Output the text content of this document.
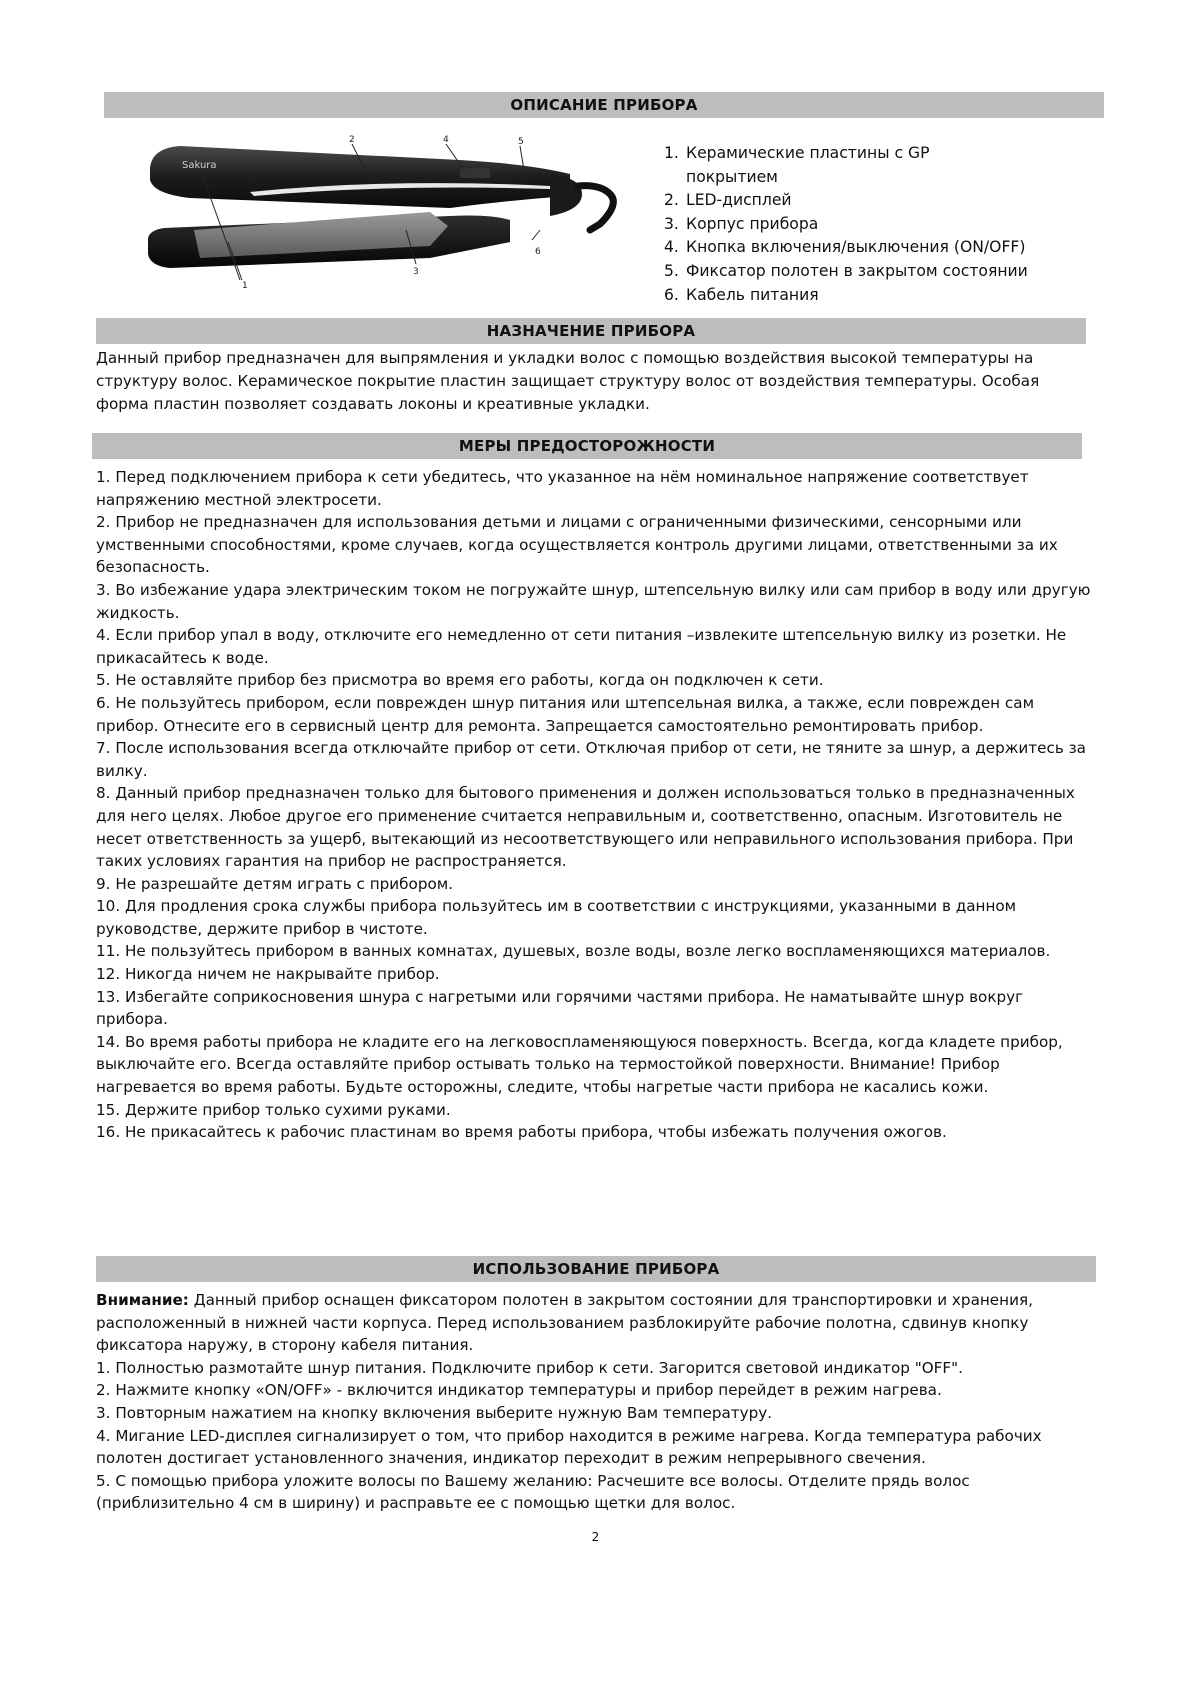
ОПИСАНИЕ ПРИБОРА
Sakura
1
2
3
4	5
6
1. Керамические пластины с GP
покрытием
2. LED-дисплей
3. Корпус прибора
4. Кнопка включения/выключения (ON/OFF)
5. Фиксатор полотен в закрытом состоянии
6. Кабель питания
НАЗНАЧЕНИЕ ПРИБОРА
Данный прибор предназначен для выпрямления и укладки волос с помощью воздействия высокой температуры на структуру волос. Керамическое покрытие пластин защищает структуру волос от воздействия температуры. Особая форма пластин позволяет создавать локоны и креативные укладки.
МЕРЫ ПРЕДОСТОРОЖНОСТИ

1. Перед подключением прибора к сети убедитесь, что указанное на нём номинальное напряжение соответствует напряжению местной электросети.

2. Прибор не предназначен для использования детьми и лицами с ограниченными физическими, сенсорными или умственными способностями, кроме случаев, когда осуществляется контроль другими лицами, ответственными за их безопасность.

3. Во избежание удара электрическим током не погружайте шнур, штепсельную вилку или сам прибор в воду или другую жидкость.

4. Если прибор упал в воду, отключите его немедленно от сети питания –извлеките штепсельную вилку из розетки. Не прикасайтесь к воде.

5. Не оставляйте прибор без присмотра во время его работы, когда он подключен к сети.

6. Не пользуйтесь прибором, если поврежден шнур питания или штепсельная вилка, а также, если поврежден сам прибор. Отнесите его в сервисный центр для ремонта. Запрещается самостоятельно ремонтировать прибор.

7. После использования всегда отключайте прибор от сети. Отключая прибор от сети, не тяните за шнур, а держитесь за вилку.

8. Данный прибор предназначен только для бытового применения и должен использоваться только в предназначенных для него целях. Любое другое его применение считается неправильным и, соответственно, опасным. Изготовитель не несет ответственность за ущерб, вытекающий из несоответствующего или неправильного использования прибора. При таких условиях гарантия на прибор не распространяется.

9. Не разрешайте детям играть с прибором.

10. Для продления срока службы прибора пользуйтесь им в соответствии с инструкциями, указанными в данном руководстве, держите прибор в чистоте.

11. Не пользуйтесь прибором в ванных комнатах, душевых, возле воды, возле легко воспламеняющихся материалов.

12. Никогда ничем не накрывайте прибор.

13. Избегайте соприкосновения шнура с нагретыми или горячими частями прибора. Не наматывайте шнур вокруг прибора.

14. Во время работы прибора не кладите его на легковоспламеняющуюся поверхность. Всегда, когда кладете прибор, выключайте его. Всегда оставляйте прибор остывать только на термостойкой поверхности. Внимание! Прибор нагревается во время работы. Будьте осторожны, следите, чтобы нагретые части прибора не касались кожи.

15. Держите прибор только сухими руками.

16. Не прикасайтесь к рабочис пластинам во время работы прибора, чтобы избежать получения ожогов.

ИСПОЛЬЗОВАНИЕ ПРИБОРА

Внимание: Данный прибор оснащен фиксатором полотен в закрытом состоянии для транспортировки и хранения, расположенный в нижней части корпуса. Перед использованием разблокируйте рабочие полотна, сдвинув кнопку фиксатора наружу, в сторону кабеля питания.

1. Полностью размотайте шнур питания. Подключите прибор к сети. Загорится световой индикатор "OFF".

2. Нажмите кнопку «ON/OFF» - включится индикатор температуры и прибор перейдет в режим нагрева.

3. Повторным нажатием на кнопку включения выберите нужную Вам температуру.

4. Мигание LED-дисплея сигнализирует о том, что прибор находится в режиме нагрева. Когда температура рабочих полотен достигает установленного значения, индикатор переходит в режим непрерывного свечения.

5. С помощью прибора уложите волосы по Вашему желанию: Расчешите все волосы. Отделите прядь волос (приблизительно 4 см в ширину) и расправьте ее с помощью щетки для волос.

2
